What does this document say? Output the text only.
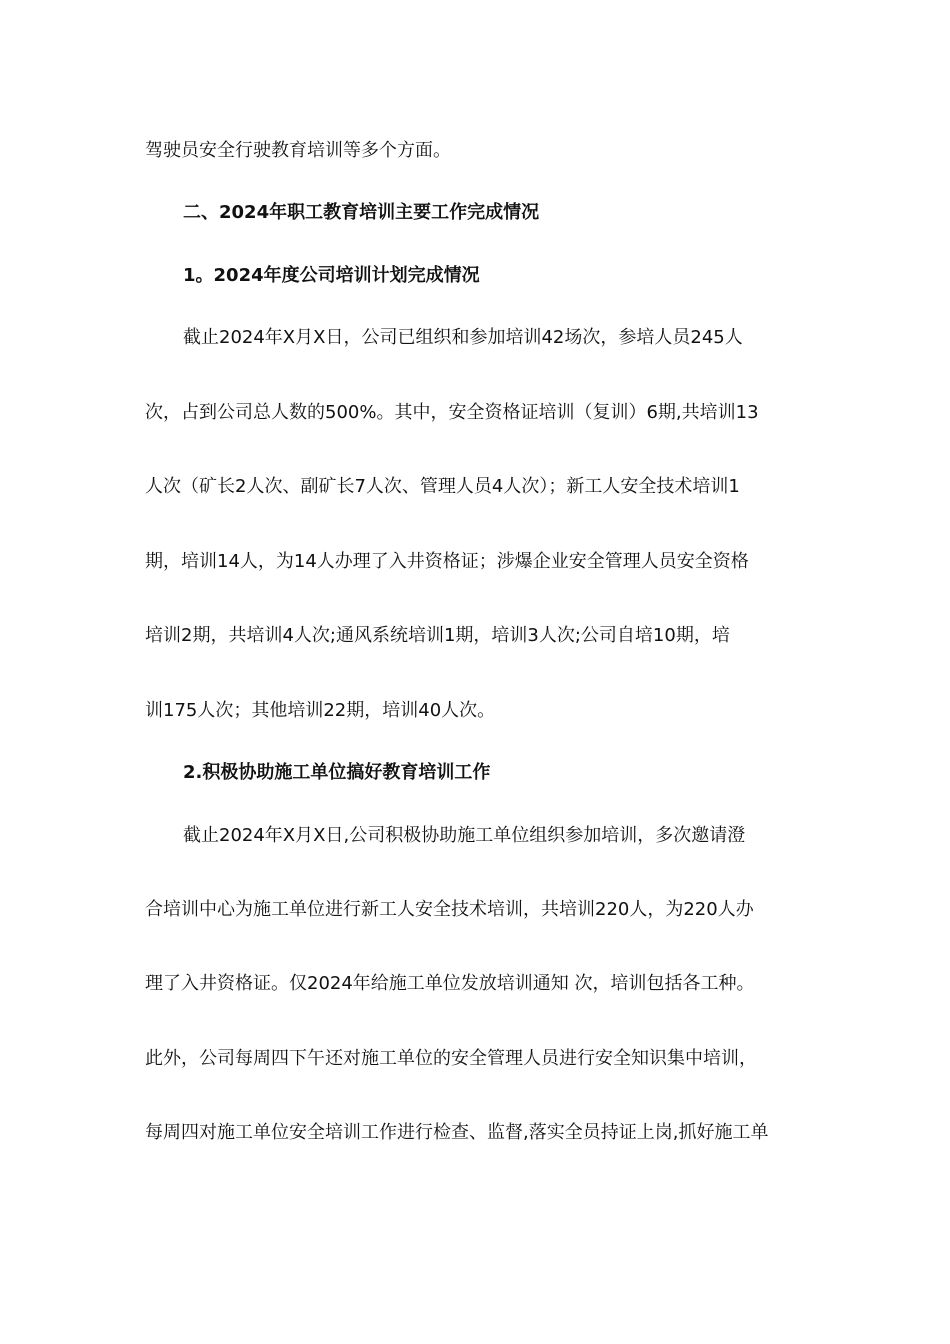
驾驶员安全行驶教育培训等多个方面。
二、2024年职工教育培训主要工作完成情况
1。2024年度公司培训计划完成情况
截止2024年X月X日，公司已组织和参加培训42场次，参培人员245人
次，占到公司总人数的500%。其中，安全资格证培训（复训）6期,共培训13
人次（矿长2人次、副矿长7人次、管理人员4人次）；新工人安全技术培训1
期，培训14人，为14人办理了入井资格证；涉爆企业安全管理人员安全资格
培训2期，共培训4人次;通风系统培训1期，培训3人次;公司自培10期，培
训175人次；其他培训22期，培训40人次。
2.积极协助施工单位搞好教育培训工作
截止2024年X月X日,公司积极协助施工单位组织参加培训，多次邀请澄
合培训中心为施工单位进行新工人安全技术培训，共培训220人，为220人办
理了入井资格证。仅2024年给施工单位发放培训通知 次，培训包括各工种。
此外，公司每周四下午还对施工单位的安全管理人员进行安全知识集中培训，
每周四对施工单位安全培训工作进行检查、监督,落实全员持证上岗,抓好施工单
